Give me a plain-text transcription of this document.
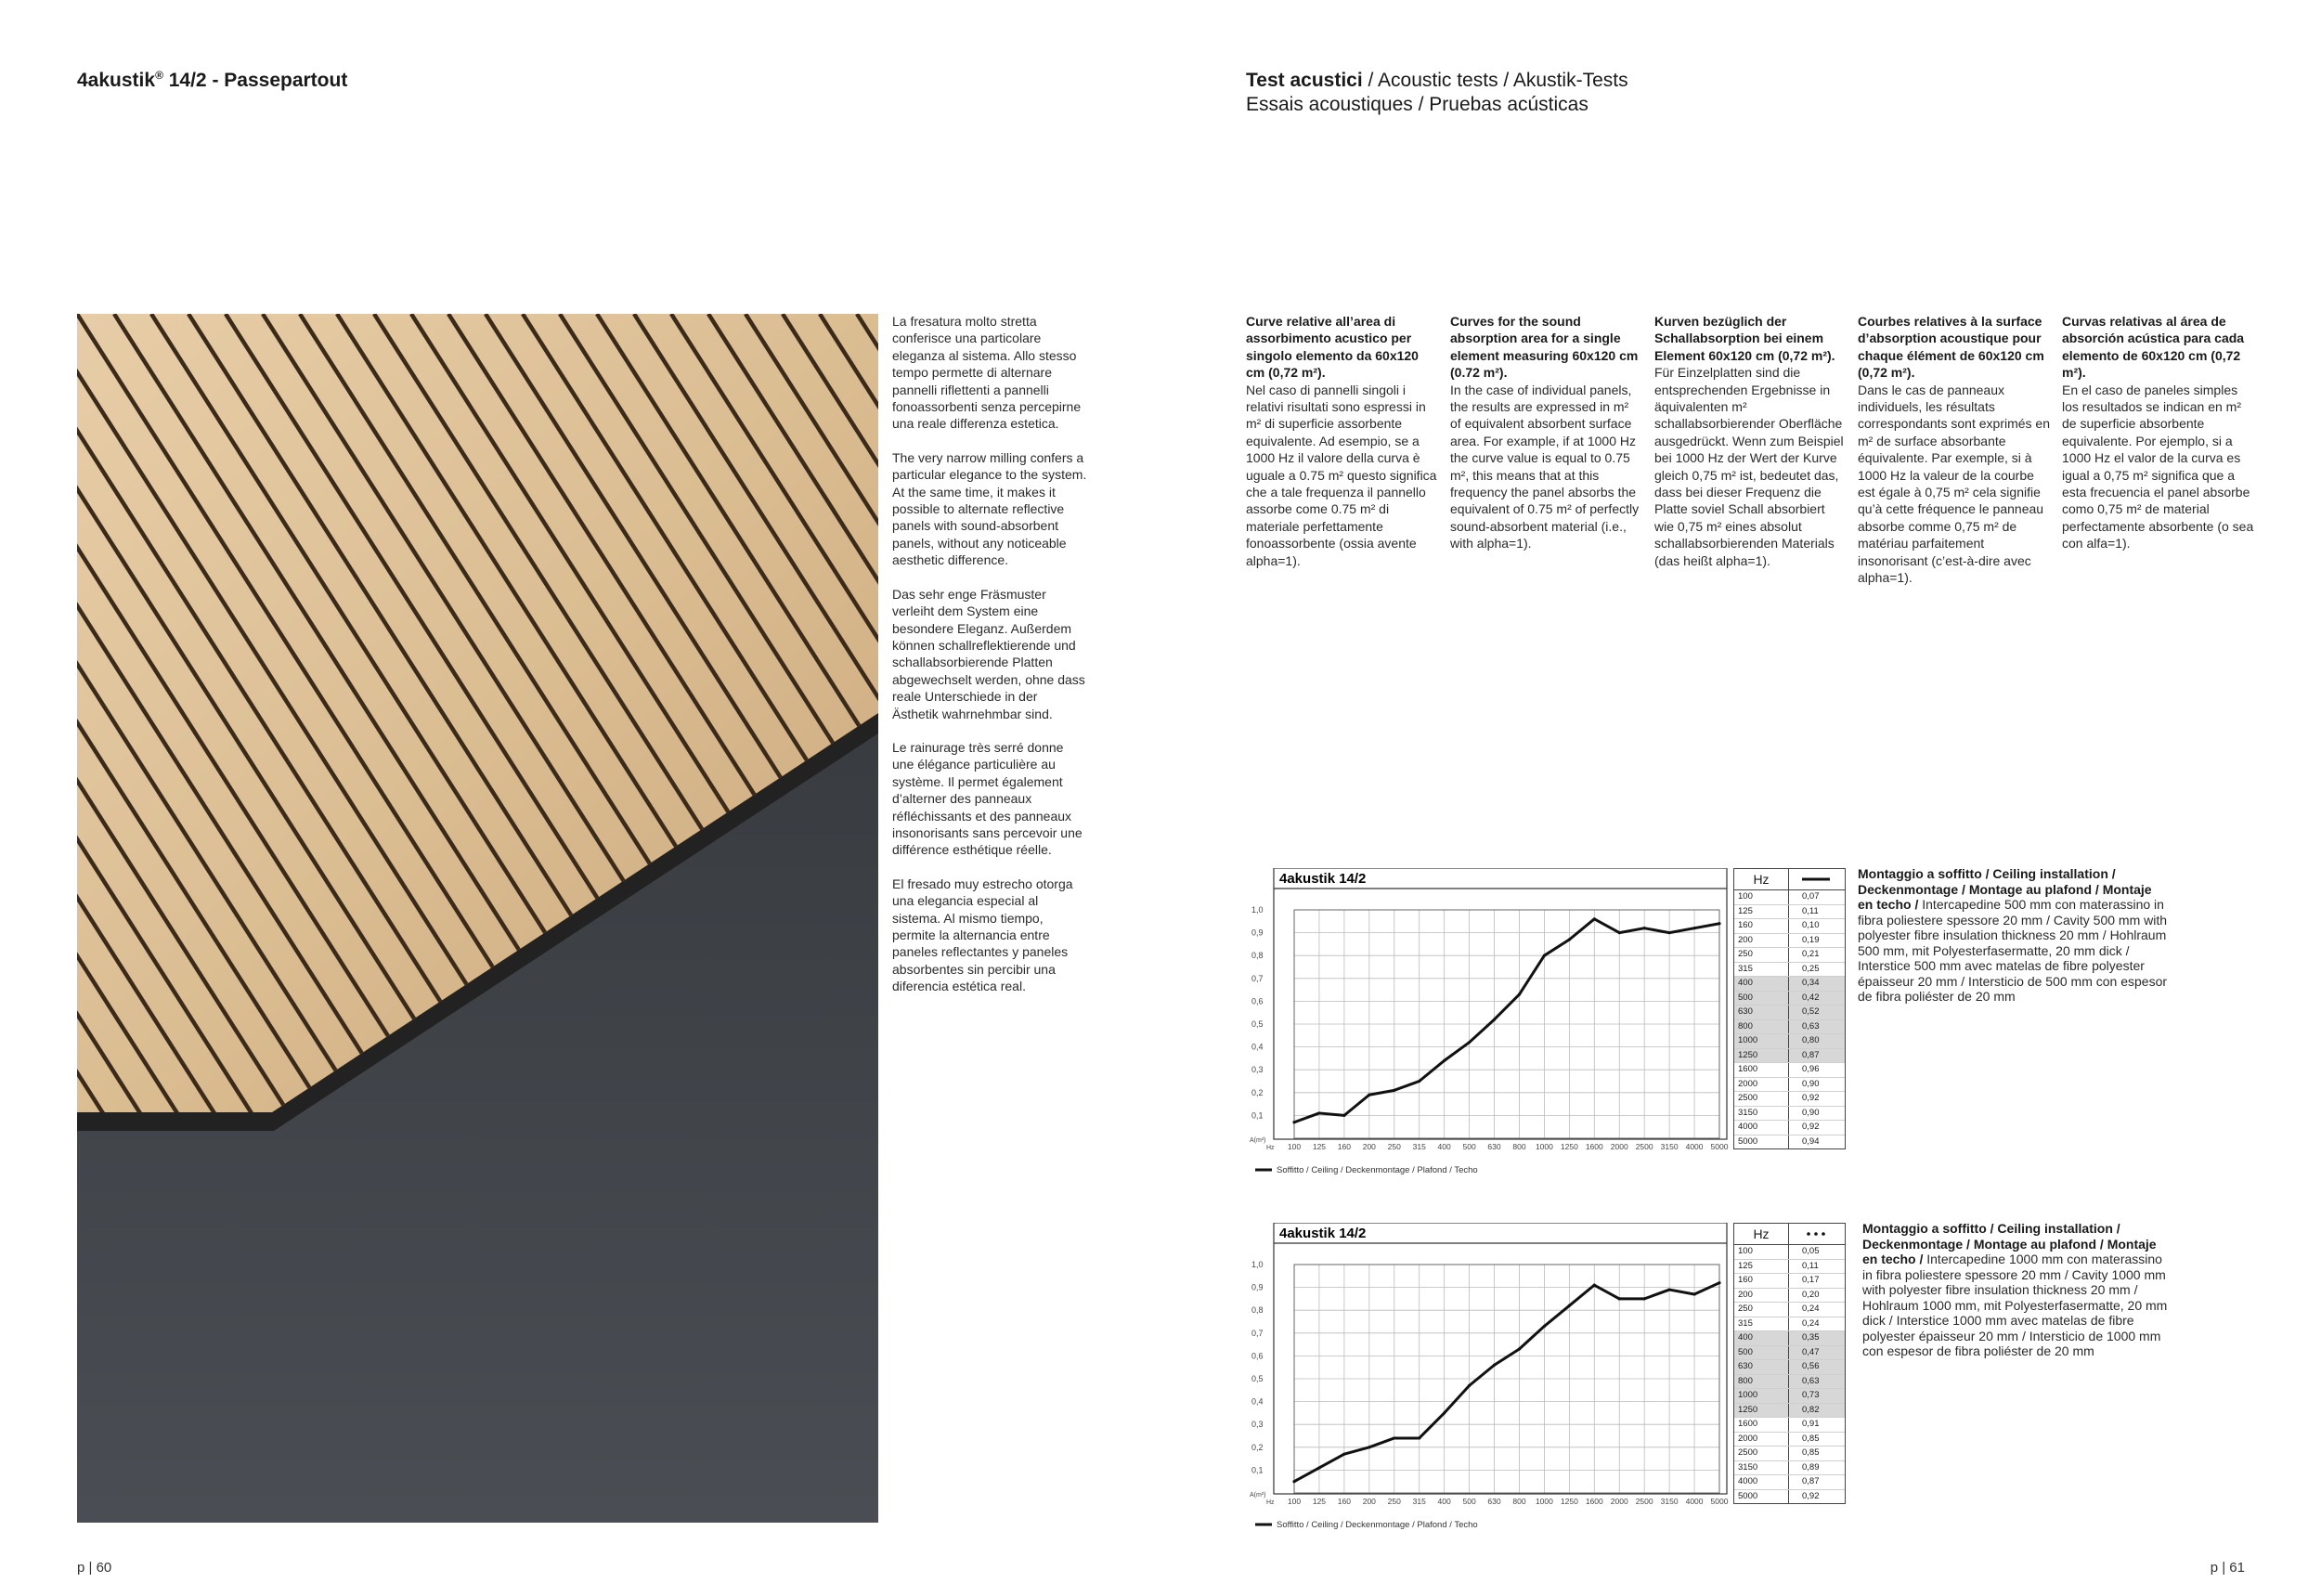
4akustik® 14/2 - Passepartout	Test acustici / Acoustic tests / Akustik-Tests
Essais acoustiques / Pruebas acústicas

La fresatura molto stretta conferisce una particolare eleganza al sistema. Allo stesso tempo permette di alternare pannelli riflettenti a pannelli fonoassorbenti senza percepirne una reale differenza estetica.

The very narrow milling confers a particular elegance to the system. At the same time, it makes it possible to alternate reflective panels with sound-absorbent panels, without any noticeable aesthetic difference.

Das sehr enge Fräsmuster verleiht dem System eine besondere Eleganz. Außerdem können schallreflektierende und schallabsorbierende Platten abgewechselt werden, ohne dass reale Unterschiede in der Ästhetik wahrnehmbar sind.

Le rainurage très serré donne une élégance particulière au système. Il permet également d’alterner des panneaux réfléchissants et des panneaux insonorisants sans percevoir une différence esthétique réelle.

El fresado muy estrecho otorga una elegancia especial al sistema. Al mismo tiempo, permite la alternancia entre paneles reflectantes y paneles absorbentes sin percibir una diferencia estética real.

Curve relative all’area di assorbimento acustico per singolo elemento da 60x120 cm (0,72 m²).
Nel caso di pannelli singoli i relativi risultati sono espressi in m² di superficie assorbente equivalente. Ad esempio, se a 1000 Hz il valore della curva è uguale a 0.75 m² questo significa che a tale frequenza il pannello assorbe come 0.75 m² di materiale perfettamente fonoassorbente (ossia avente alpha=1).
Curves for the sound absorption area for a single element measuring 60x120 cm (0.72 m²).
In the case of individual panels, the results are expressed in m² of equivalent absorbent surface area. For example, if at 1000 Hz the curve value is equal to 0.75 m², this means that at this frequency the panel absorbs the equivalent of 0.75 m² of perfectly sound-absorbent material (i.e., with alpha=1).
Kurven bezüglich der Schallabsorption bei einem Element 60x120 cm (0,72 m²).
Für Einzelplatten sind die entsprechenden Ergebnisse in äquivalenten m² schallabsorbierender Oberfläche ausgedrückt. Wenn zum Beispiel bei 1000 Hz der Wert der Kurve gleich 0,75 m² ist, bedeutet das, dass bei dieser Frequenz die Platte soviel Schall absorbiert wie 0,75 m² eines absolut schallabsorbierenden Materials (das heißt alpha=1).
Courbes relatives à la surface d’absorption acoustique pour chaque élément de 60x120 cm (0,72 m²).
Dans le cas de panneaux individuels, les résultats correspondants sont exprimés en m² de surface absorbante équivalente. Par exemple, si à 1000 Hz la valeur de la courbe est égale à 0,75 m² cela signifie qu’à cette fréquence le panneau absorbe comme 0,75 m² de matériau parfaitement insonorisant (c’est-à-dire avec alpha=1).
Curvas relativas al área de absorción acústica para cada elemento de 60x120 cm (0,72 m²).
En el caso de paneles simples los resultados se indican en m² de superficie absorbente equivalente. Por ejemplo, si a 1000 Hz el valor de la curva es igual a 0,75 m² significa que a esta frecuencia el panel absorbe como 0,75 m² de material perfectamente absorbente (o sea con alfa=1).
4akustik 14/2
1,0
0,9
0,8
0,7
0,6
0,5
0,4
0,3
0,2
0,1
A(m²)
Hz 100 125 160 200 250 315 400 500 630 800 1000 1250 1600 2000 2500 3150 4000 5000
Soffitto / Ceiling / Deckenmontage / Plafond / Techo
Hz
100	0,07
125	0,11
160	0,10
200	0,19
250	0,21
315	0,25
400	0,34
500	0,42
630	0,52
800	0,63
1000	0,80
1250	0,87
1600	0,96
2000	0,90
2500	0,92
3150	0,90
4000	0,92
5000	0,94
Montaggio a soffitto / Ceiling installation / Deckenmontage / Montage au plafond / Montaje en techo / Intercapedine 500 mm con materassino in fibra poliestere spessore 20 mm / Cavity 500 mm with polyester fibre insulation thickness 20 mm / Hohlraum 500 mm, mit Polyesterfasermatte, 20 mm dick / Interstice 500 mm avec matelas de fibre polyester épaisseur 20 mm / Intersticio de 500 mm con espesor de fibra poliéster de 20 mm
4akustik 14/2
1,0
0,9
0,8
0,7
0,6
0,5
0,4
0,3
0,2
0,1
A(m²)
Hz 100 125 160 200 250 315 400 500 630 800 1000 1250 1600 2000 2500 3150 4000 5000
Soffitto / Ceiling / Deckenmontage / Plafond / Techo
Hz
100	0,05
125	0,11
160	0,17
200	0,20
250	0,24
315	0,24
400	0,35
500	0,47
630	0,56
800	0,63
1000	0,73
1250	0,82
1600	0,91
2000	0,85
2500	0,85
3150	0,89
4000	0,87
5000	0,92
Montaggio a soffitto / Ceiling installation / Deckenmontage / Montage au plafond / Montaje en techo / Intercapedine 1000 mm con materassino in fibra poliestere spessore 20 mm / Cavity 1000 mm with polyester fibre insulation thickness 20 mm / Hohlraum 1000 mm, mit Polyesterfasermatte, 20 mm dick / Interstice 1000 mm avec matelas de fibre polyester épaisseur 20 mm / Intersticio de 1000 mm con espesor de fibra poliéster de 20 mm
p | 60	p | 61
